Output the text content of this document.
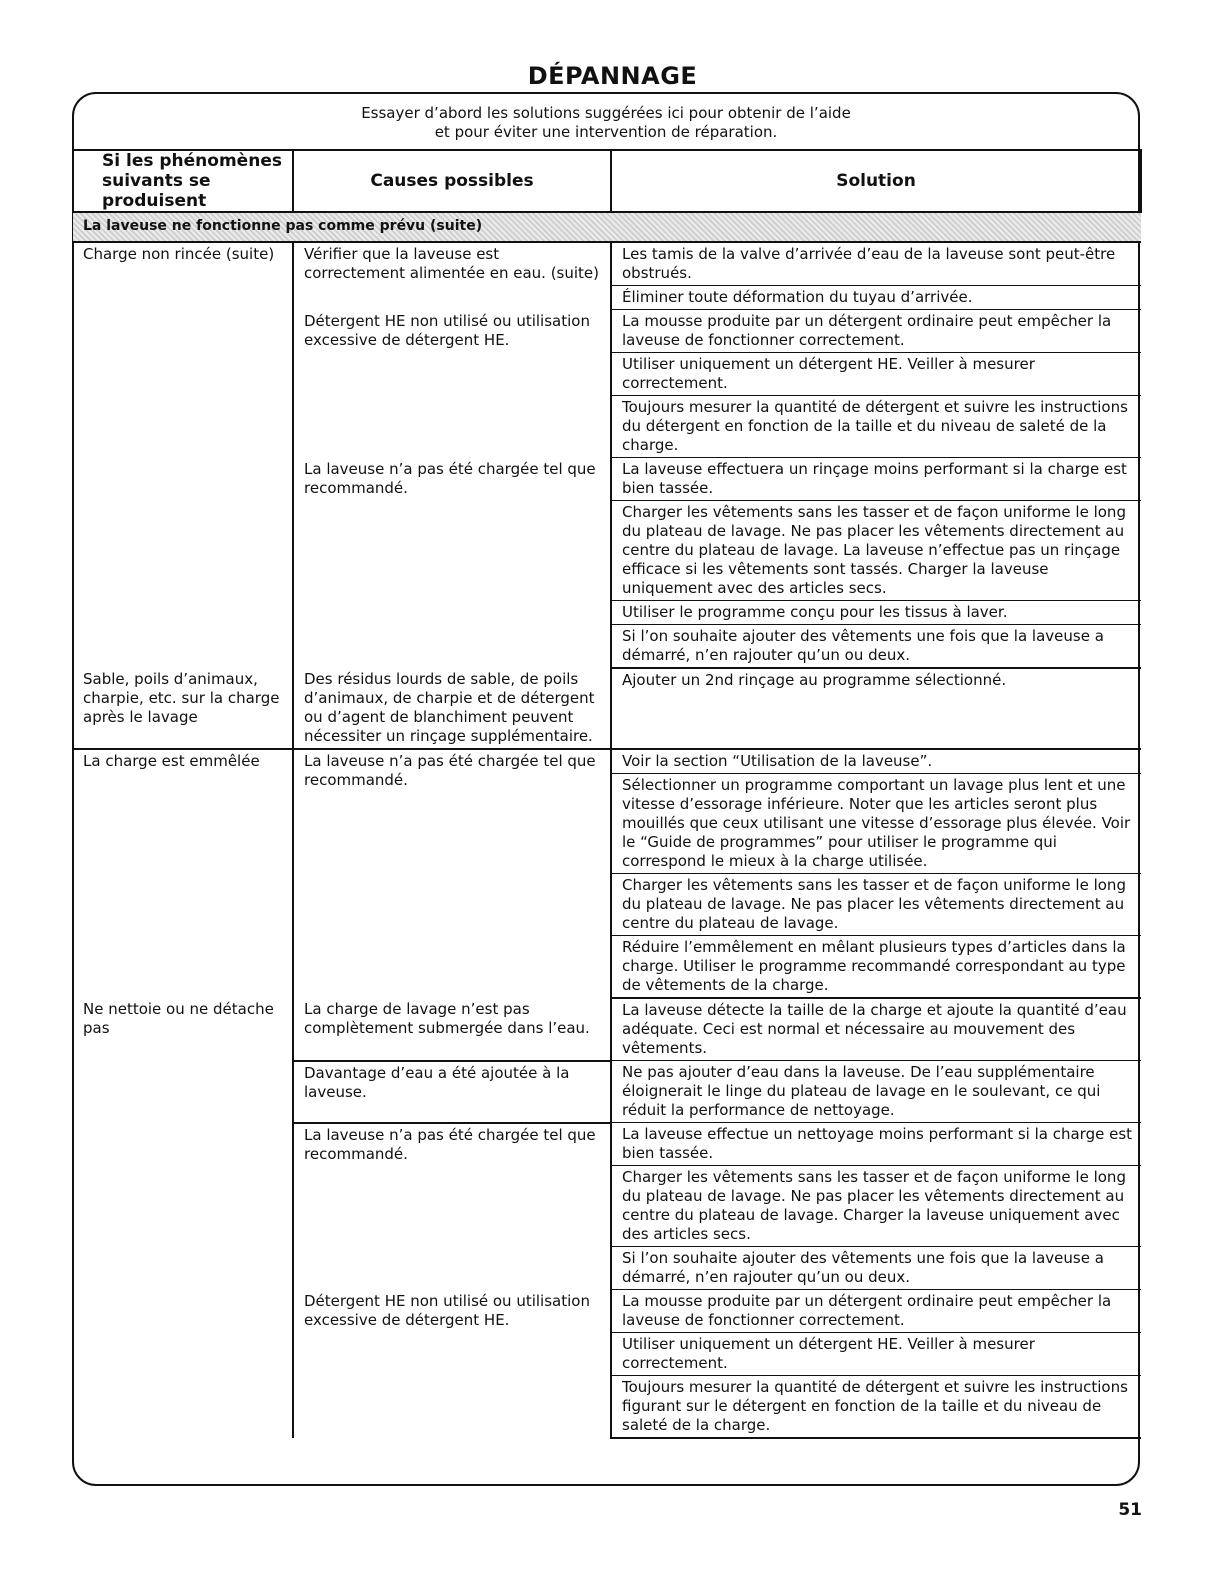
DÉPANNAGE
Essayer d’abord les solutions suggérées ici pour obtenir de l’aide
et pour éviter une intervention de réparation.
Si les phénomènes suivants se produisent	Causes possibles	Solution
La laveuse ne fonctionne pas comme prévu (suite)		
Charge non rincée (suite)	Vérifier que la laveuse est correctement alimentée en eau. (suite)	Les tamis de la valve d’arrivée d’eau de la laveuse sont peut-être obstrués.
		Éliminer toute déformation du tuyau d’arrivée.
	Détergent HE non utilisé ou utilisation excessive de détergent HE.	La mousse produite par un détergent ordinaire peut empêcher la laveuse de fonctionner correctement.
		Utiliser uniquement un détergent HE. Veiller à mesurer correctement.
		Toujours mesurer la quantité de détergent et suivre les instructions du détergent en fonction de la taille et du niveau de saleté de la charge.
	La laveuse n’a pas été chargée tel que recommandé.	La laveuse effectuera un rinçage moins performant si la charge est bien tassée.
		Charger les vêtements sans les tasser et de façon uniforme le long du plateau de lavage. Ne pas placer les vêtements directement au centre du plateau de lavage. La laveuse n’effectue pas un rinçage efficace si les vêtements sont tassés. Charger la laveuse uniquement avec des articles secs.
		Utiliser le programme conçu pour les tissus à laver.
		Si l’on souhaite ajouter des vêtements une fois que la laveuse a démarré, n’en rajouter qu’un ou deux.
Sable, poils d’animaux, charpie, etc. sur la charge après le lavage	Des résidus lourds de sable, de poils d’animaux, de charpie et de détergent ou d’agent de blanchiment peuvent nécessiter un rinçage supplémentaire.	Ajouter un 2nd rinçage au programme sélectionné.
La charge est emmêlée	La laveuse n’a pas été chargée tel que recommandé.	Voir la section “Utilisation de la laveuse”.
		Sélectionner un programme comportant un lavage plus lent et une vitesse d’essorage inférieure. Noter que les articles seront plus mouillés que ceux utilisant une vitesse d’essorage plus élevée. Voir le “Guide de programmes” pour utiliser le programme qui correspond le mieux à la charge utilisée.
		Charger les vêtements sans les tasser et de façon uniforme le long du plateau de lavage. Ne pas placer les vêtements directement au centre du plateau de lavage.
		Réduire l’emmêlement en mêlant plusieurs types d’articles dans la charge. Utiliser le programme recommandé correspondant au type de vêtements de la charge.
Ne nettoie ou ne détache pas	La charge de lavage n’est pas complètement submergée dans l’eau.	La laveuse détecte la taille de la charge et ajoute la quantité d’eau adéquate. Ceci est normal et nécessaire au mouvement des vêtements.
	Davantage d’eau a été ajoutée à la laveuse.	Ne pas ajouter d’eau dans la laveuse. De l’eau supplémentaire éloignerait le linge du plateau de lavage en le soulevant, ce qui réduit la performance de nettoyage.
	La laveuse n’a pas été chargée tel que recommandé.	La laveuse effectue un nettoyage moins performant si la charge est bien tassée.
		Charger les vêtements sans les tasser et de façon uniforme le long du plateau de lavage. Ne pas placer les vêtements directement au centre du plateau de lavage. Charger la laveuse uniquement avec des articles secs.
		Si l’on souhaite ajouter des vêtements une fois que la laveuse a démarré, n’en rajouter qu’un ou deux.
	Détergent HE non utilisé ou utilisation excessive de détergent HE.	La mousse produite par un détergent ordinaire peut empêcher la laveuse de fonctionner correctement.
		Utiliser uniquement un détergent HE. Veiller à mesurer correctement.
		Toujours mesurer la quantité de détergent et suivre les instructions figurant sur le détergent en fonction de la taille et du niveau de saleté de la charge.
51
